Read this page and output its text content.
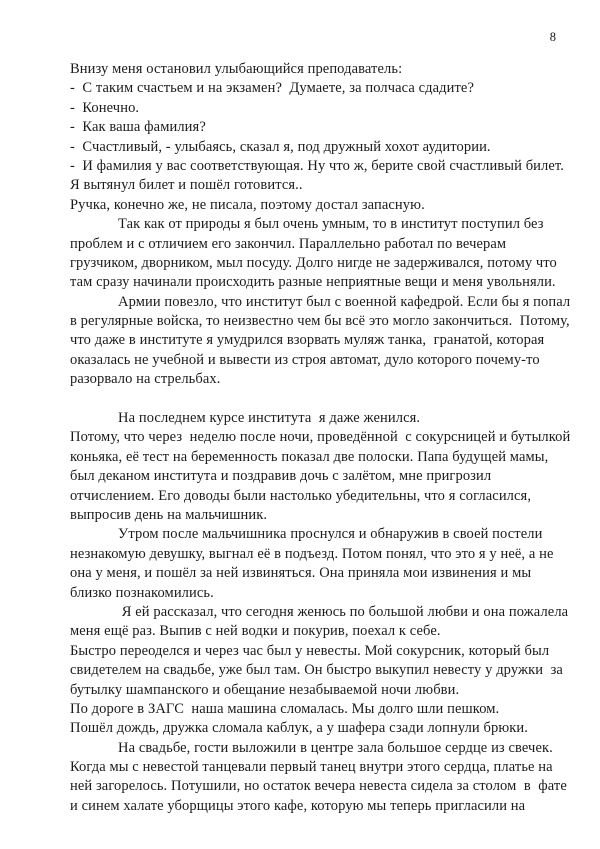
8
Внизу меня остановил улыбающийся преподаватель:
-  С таким счастьем и на экзамен?  Думаете, за полчаса сдадите?
-  Конечно.
-  Как ваша фамилия?
-  Счастливый, - улыбаясь, сказал я, под дружный хохот аудитории.
-  И фамилия у вас соответствующая. Ну что ж, берите свой счастливый билет.
Я вытянул билет и пошёл готовится..
Ручка, конечно же, не писала, поэтому достал запасную.
Так как от природы я был очень умным, то в институт поступил без
проблем и с отличием его закончил. Параллельно работал по вечерам
грузчиком, дворником, мыл посуду. Долго нигде не задерживался, потому что
там сразу начинали происходить разные неприятные вещи и меня увольняли.
Армии повезло, что институт был с военной кафедрой. Если бы я попал
в регулярные войска, то неизвестно чем бы всё это могло закончиться.  Потому,
что даже в институте я умудрился взорвать муляж танка,  гранатой, которая
оказалась не учебной и вывести из строя автомат, дуло которого почему-то
разорвало на стрельбах.

На последнем курсе института  я даже женился.
Потому, что через  неделю после ночи, проведённой  с сокурсницей и бутылкой
коньяка, её тест на беременность показал две полоски. Папа будущей мамы,
был деканом института и поздравив дочь с залётом, мне пригрозил
отчислением. Его доводы были настолько убедительны, что я согласился,
выпросив день на мальчишник.
Утром после мальчишника проснулся и обнаружив в своей постели
незнакомую девушку, выгнал её в подъезд. Потом понял, что это я у неё, а не
она у меня, и пошёл за ней извиняться. Она приняла мои извинения и мы
близко познакомились.
Я ей рассказал, что сегодня женюсь по большой любви и она пожалела
меня ещё раз. Выпив с ней водки и покурив, поехал к себе.
Быстро переоделся и через час был у невесты. Мой сокурсник, который был
свидетелем на свадьбе, уже был там. Он быстро выкупил невесту у дружки  за
бутылку шампанского и обещание незабываемой ночи любви.
По дороге в ЗАГС  наша машина сломалась. Мы долго шли пешком.
Пошёл дождь, дружка сломала каблук, а у шафера сзади лопнули брюки.
На свадьбе, гости выложили в центре зала большое сердце из свечек.
Когда мы с невестой танцевали первый танец внутри этого сердца, платье на
ней загорелось. Потушили, но остаток вечера невеста сидела за столом  в  фате
и синем халате уборщицы этого кафе, которую мы теперь пригласили на
